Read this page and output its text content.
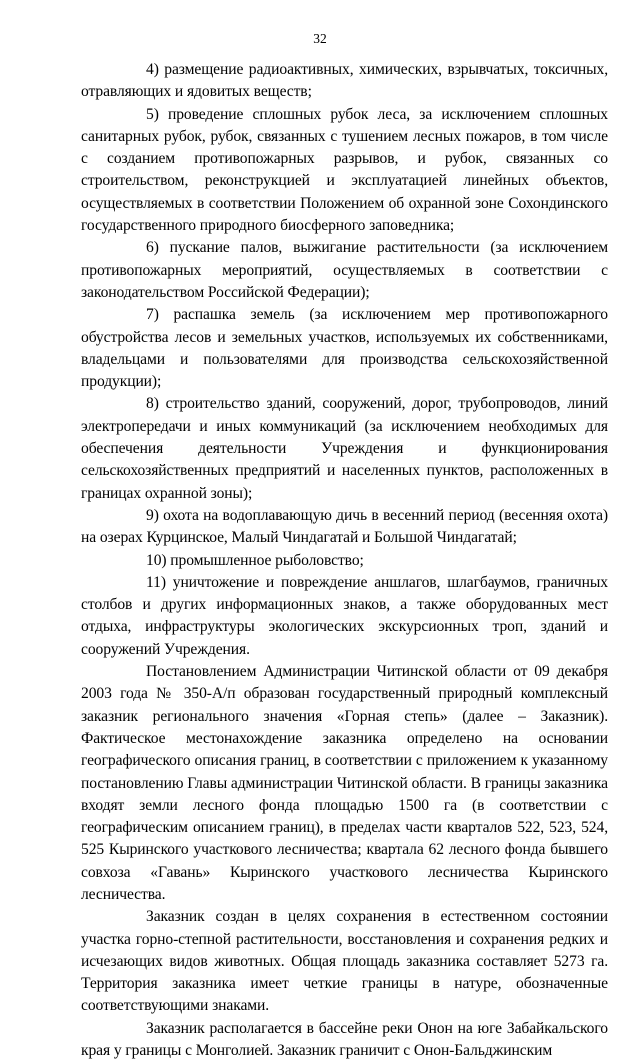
32

4) размещение радиоактивных, химических, взрывчатых, токсичных, отравляющих и ядовитых веществ;

5) проведение сплошных рубок леса, за исключением сплошных санитарных рубок, рубок, связанных с тушением лесных пожаров, в том числе с созданием противопожарных разрывов, и рубок, связанных со строительством, реконструкцией и эксплуатацией линейных объектов, осуществляемых в соответствии Положением об охранной зоне Сохондинского государственного природного биосферного заповедника;

6) пускание палов, выжигание растительности (за исключением противопожарных мероприятий, осуществляемых в соответствии с законодательством Российской Федерации);

7) распашка земель (за исключением мер противопожарного обустройства лесов и земельных участков, используемых их собственниками, владельцами и пользователями для производства сельскохозяйственной продукции);

8) строительство зданий, сооружений, дорог, трубопроводов, линий электропередачи и иных коммуникаций (за исключением необходимых для обеспечения деятельности Учреждения и функционирования сельскохозяйственных предприятий и населенных пунктов, расположенных в границах охранной зоны);

9) охота на водоплавающую дичь в весенний период (весенняя охота) на озерах Курцинское, Малый Чиндагатай и Большой Чиндагатай;

10) промышленное рыболовство;

11) уничтожение и повреждение аншлагов, шлагбаумов, граничных столбов и других информационных знаков, а также оборудованных мест отдыха, инфраструктуры экологических экскурсионных троп, зданий и сооружений Учреждения.

Постановлением Администрации Читинской области от 09 декабря 2003 года № 350-А/п образован государственный природный комплексный заказник регионального значения «Горная степь» (далее – Заказник). Фактическое местонахождение заказника определено на основании географического описания границ, в соответствии с приложением к указанному постановлению Главы администрации Читинской области. В границы заказника входят земли лесного фонда площадью 1500 га (в соответствии с географическим описанием границ), в пределах части кварталов 522, 523, 524, 525 Кыринского участкового лесничества; квартала 62 лесного фонда бывшего совхоза «Гавань» Кыринского участкового лесничества Кыринского лесничества.

Заказник создан в целях сохранения в естественном состоянии участка горно-степной растительности, восстановления и сохранения редких и исчезающих видов животных. Общая площадь заказника составляет 5273 га. Территория заказника имеет четкие границы в натуре, обозначенные соответствующими знаками.

Заказник располагается в бассейне реки Онон на юге Забайкальского края у границы с Монголией. Заказник граничит с Онон-Бальджинским
